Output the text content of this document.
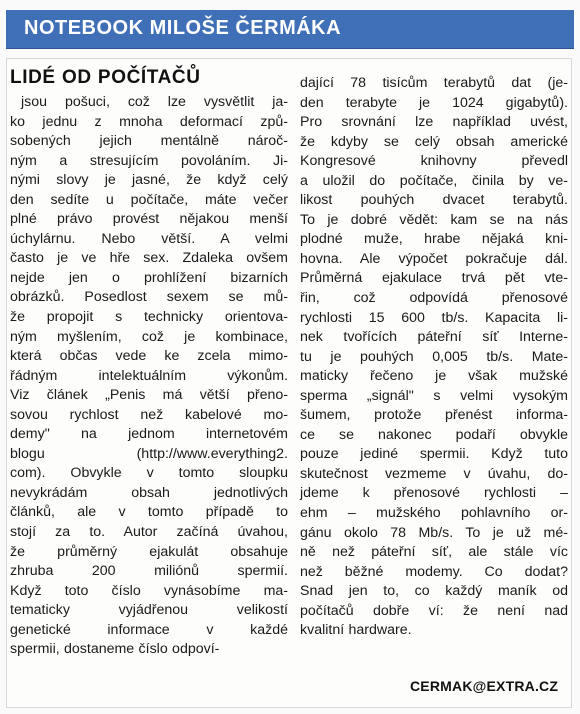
NOTEBOOK MILOŠE ČERMÁKA
LIDÉ OD POČÍTAČŮ
jsou pošuci, což lze vysvětlit ja-
ko jednu z mnoha deformací způ-
sobených jejich mentálně nároč-
ným a stresujícím povoláním. Ji-
nými slovy je jasné, že když celý
den sedíte u počítače, máte večer
plné právo provést nějakou menší
úchylárnu. Nebo větší. A velmi
často je ve hře sex. Zdaleka ovšem
nejde jen o prohlížení bizarních
obrázků. Posedlost sexem se mů-
že propojit s technicky orientova-
ným myšlením, což je kombinace,
která občas vede ke zcela mimo-
řádným intelektuálním výkonům.
Viz článek „Penis má větší přeno-
sovou rychlost než kabelové mo-
demy" na jednom internetovém
blogu (http://www.everything2.
com). Obvykle v tomto sloupku
nevykrádám obsah jednotlivých
článků, ale v tomto případě to
stojí za to. Autor začíná úvahou,
že průměrný ejakulát obsahuje
zhruba 200 miliónů spermií.
Když toto číslo vynásobíme ma-
tematicky vyjádřenou velikostí
genetické informace v každé
spermii, dostaneme číslo odpoví-
dající 78 tisícům terabytů dat (je-
den terabyte je 1024 gigabytů).
Pro srovnání lze například uvést,
že kdyby se celý obsah americké
Kongresové knihovny převedl
a uložil do počítače, činila by ve-
likost pouhých dvacet terabytů.
To je dobré vědět: kam se na nás
plodné muže, hrabe nějaká kni-
hovna. Ale výpočet pokračuje dál.
Průměrná ejakulace trvá pět vte-
řin, což odpovídá přenosové
rychlosti 15 600 tb/s. Kapacita li-
nek tvořících páteřní síť Interne-
tu je pouhých 0,005 tb/s. Mate-
maticky řečeno je však mužské
sperma „signál" s velmi vysokým
šumem, protože přenést informa-
ce se nakonec podaří obvykle
pouze jediné spermii. Když tuto
skutečnost vezmeme v úvahu, do-
jdeme k přenosové rychlosti –
ehm – mužského pohlavního or-
gánu okolo 78 Mb/s. To je už mé-
ně než páteřní síť, ale stále víc
než běžné modemy. Co dodat?
Snad jen to, co každý maník od
počítačů dobře ví: že není nad
kvalitní hardware.
CERMAK@EXTRA.CZ
